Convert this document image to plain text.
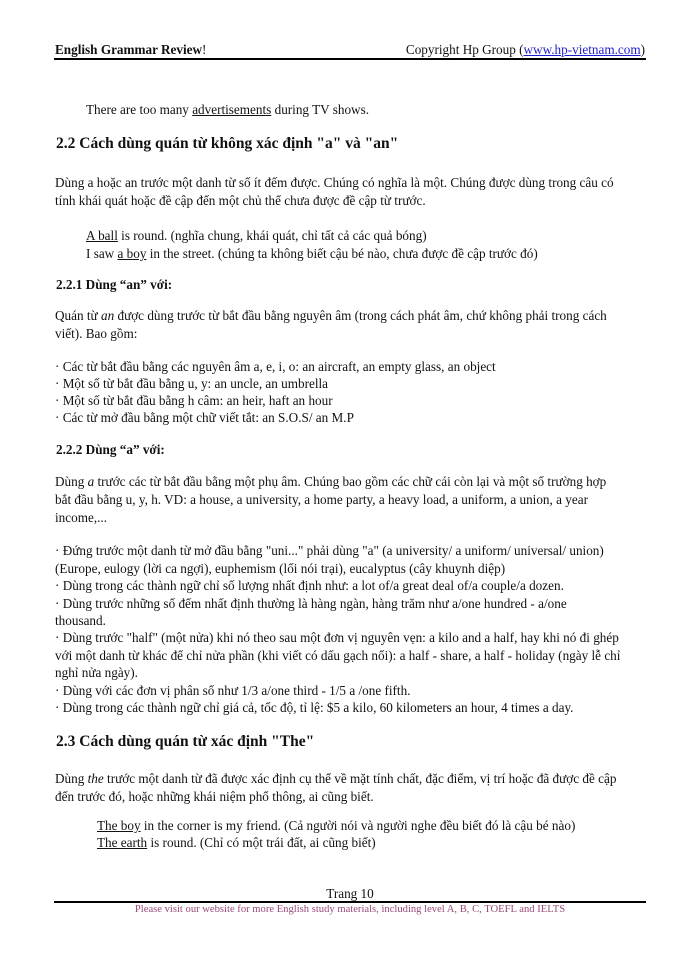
English Grammar Review!	Copyright Hp Group (www.hp-vietnam.com)

There are too many advertisements during TV shows.

2.2 Cách dùng quán từ không xác định "a" và "an"

Dùng a hoặc an trước một danh từ số ít đếm được. Chúng có nghĩa là một. Chúng được dùng trong câu có

tính khái quát hoặc đề cập đến một chủ thể chưa được đề cập từ trước.

A ball is round. (nghĩa chung, khái quát, chỉ tất cả các quả bóng)

I saw a boy in the street. (chúng ta không biết cậu bé nào, chưa được đề cập trước đó)

2.2.1 Dùng “an” với:

Quán từ an được dùng trước từ bắt đầu bằng nguyên âm (trong cách phát âm, chứ không phải trong cách

viết). Bao gồm:

· Các từ bắt đầu bằng các nguyên âm a, e, i, o: an aircraft, an empty glass, an object

· Một số từ bắt đầu bằng u, y: an uncle, an umbrella

· Một số từ bắt đầu bằng h câm: an heir, haft an hour

· Các từ mở đầu bằng một chữ viết tắt: an S.O.S/ an M.P

2.2.2 Dùng “a” với:

Dùng a trước các từ bắt đầu bằng một phụ âm. Chúng bao gồm các chữ cái còn lại và một số trường hợp

bắt đầu bằng u, y, h. VD: a house, a university, a home party, a heavy load, a uniform, a union, a year

income,...

· Đứng trước một danh từ mở đầu bằng "uni..." phải dùng "a" (a university/ a uniform/ universal/ union)

(Europe, eulogy (lời ca ngợi), euphemism (lối nói trại), eucalyptus (cây khuynh diệp)

· Dùng trong các thành ngữ chỉ số lượng nhất định như: a lot of/a great deal of/a couple/a dozen.

· Dùng trước những số đếm nhất định thường là hàng ngàn, hàng trăm như a/one hundred - a/one

thousand.

· Dùng trước "half" (một nửa) khi nó theo sau một đơn vị nguyên vẹn: a kilo and a half, hay khi nó đi ghép

với một danh từ khác để chỉ nửa phần (khi viết có dấu gạch nối): a half - share, a half - holiday (ngày lễ chỉ

nghỉ nửa ngày).

· Dùng với các đơn vị phân số như 1/3 a/one third - 1/5 a /one fifth.

· Dùng trong các thành ngữ chỉ giá cả, tốc độ, tỉ lệ: $5 a kilo, 60 kilometers an hour, 4 times a day.

2.3 Cách dùng quán từ xác định "The"

Dùng the trước một danh từ đã được xác định cụ thể về mặt tính chất, đặc điểm, vị trí hoặc đã được đề cập

đến trước đó, hoặc những khái niệm phổ thông, ai cũng biết.

The boy in the corner is my friend. (Cả người nói và người nghe đều biết đó là cậu bé nào)

The earth is round. (Chỉ có một trái đất, ai cũng biết)

Trang 10
Please visit our website for more English study materials, including level A, B, C, TOEFL and IELTS
